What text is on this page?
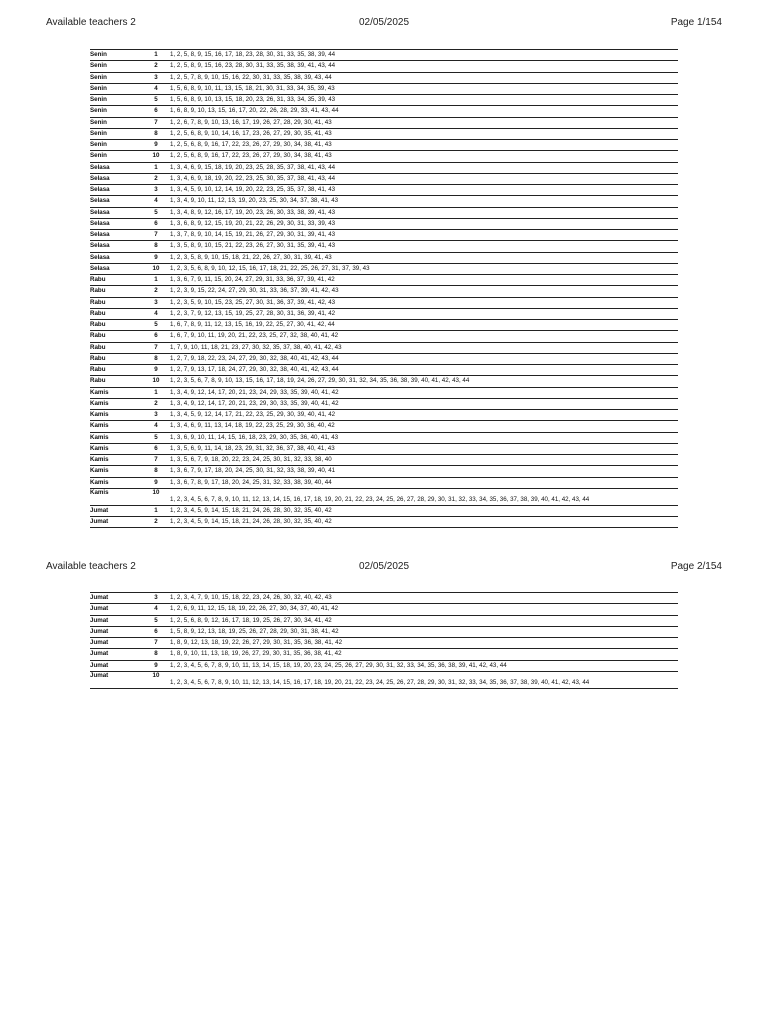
Available teachers 2	02/05/2025	Page 1/154
Senin	1	1, 2, 5, 8, 9, 15, 16, 17, 18, 23, 28, 30, 31, 33, 35, 38, 39, 44
Senin	2	1, 2, 5, 8, 9, 15, 16, 23, 28, 30, 31, 33, 35, 38, 39, 41, 43, 44
Senin	3	1, 2, 5, 7, 8, 9, 10, 15, 16, 22, 30, 31, 33, 35, 38, 39, 43, 44
Senin	4	1, 5, 6, 8, 9, 10, 11, 13, 15, 18, 21, 30, 31, 33, 34, 35, 39, 43
Senin	5	1, 5, 6, 8, 9, 10, 13, 15, 18, 20, 23, 26, 31, 33, 34, 35, 39, 43
Senin	6	1, 6, 8, 9, 10, 13, 15, 16, 17, 20, 22, 26, 28, 29, 33, 41, 43, 44
Senin	7	1, 2, 6, 7, 8, 9, 10, 13, 16, 17, 19, 26, 27, 28, 29, 30, 41, 43
Senin	8	1, 2, 5, 6, 8, 9, 10, 14, 16, 17, 23, 26, 27, 29, 30, 35, 41, 43
Senin	9	1, 2, 5, 6, 8, 9, 16, 17, 22, 23, 26, 27, 29, 30, 34, 38, 41, 43
Senin	10	1, 2, 5, 6, 8, 9, 16, 17, 22, 23, 26, 27, 29, 30, 34, 38, 41, 43
Selasa	1	1, 3, 4, 6, 9, 15, 18, 19, 20, 23, 25, 28, 35, 37, 38, 41, 43, 44
Selasa	2	1, 3, 4, 6, 9, 18, 19, 20, 22, 23, 25, 30, 35, 37, 38, 41, 43, 44
Selasa	3	1, 3, 4, 5, 9, 10, 12, 14, 19, 20, 22, 23, 25, 35, 37, 38, 41, 43
Selasa	4	1, 3, 4, 9, 10, 11, 12, 13, 19, 20, 23, 25, 30, 34, 37, 38, 41, 43
Selasa	5	1, 3, 4, 8, 9, 12, 16, 17, 19, 20, 23, 26, 30, 33, 38, 39, 41, 43
Selasa	6	1, 3, 6, 8, 9, 12, 15, 19, 20, 21, 22, 26, 29, 30, 31, 33, 39, 43
Selasa	7	1, 3, 7, 8, 9, 10, 14, 15, 19, 21, 26, 27, 29, 30, 31, 39, 41, 43
Selasa	8	1, 3, 5, 8, 9, 10, 15, 21, 22, 23, 26, 27, 30, 31, 35, 39, 41, 43
Selasa	9	1, 2, 3, 5, 8, 9, 10, 15, 18, 21, 22, 26, 27, 30, 31, 39, 41, 43
Selasa	10	1, 2, 3, 5, 6, 8, 9, 10, 12, 15, 16, 17, 18, 21, 22, 25, 26, 27, 31, 37, 39, 43
Rabu	1	1, 3, 6, 7, 9, 11, 15, 20, 24, 27, 29, 31, 33, 36, 37, 39, 41, 42
Rabu	2	1, 2, 3, 9, 15, 22, 24, 27, 29, 30, 31, 33, 36, 37, 39, 41, 42, 43
Rabu	3	1, 2, 3, 5, 9, 10, 15, 23, 25, 27, 30, 31, 36, 37, 39, 41, 42, 43
Rabu	4	1, 2, 3, 7, 9, 12, 13, 15, 19, 25, 27, 28, 30, 31, 36, 39, 41, 42
Rabu	5	1, 6, 7, 8, 9, 11, 12, 13, 15, 16, 19, 22, 25, 27, 30, 41, 42, 44
Rabu	6	1, 6, 7, 9, 10, 11, 19, 20, 21, 22, 23, 25, 27, 32, 38, 40, 41, 42
Rabu	7	1, 7, 9, 10, 11, 18, 21, 23, 27, 30, 32, 35, 37, 38, 40, 41, 42, 43
Rabu	8	1, 2, 7, 9, 18, 22, 23, 24, 27, 29, 30, 32, 38, 40, 41, 42, 43, 44
Rabu	9	1, 2, 7, 9, 13, 17, 18, 24, 27, 29, 30, 32, 38, 40, 41, 42, 43, 44
Rabu	10	1, 2, 3, 5, 6, 7, 8, 9, 10, 13, 15, 16, 17, 18, 19, 24, 26, 27, 29, 30, 31, 32, 34, 35, 36, 38, 39, 40, 41, 42, 43, 44
Kamis	1	1, 3, 4, 9, 12, 14, 17, 20, 21, 23, 24, 29, 33, 35, 39, 40, 41, 42
Kamis	2	1, 3, 4, 9, 12, 14, 17, 20, 21, 23, 29, 30, 33, 35, 39, 40, 41, 42
Kamis	3	1, 3, 4, 5, 9, 12, 14, 17, 21, 22, 23, 25, 29, 30, 39, 40, 41, 42
Kamis	4	1, 3, 4, 6, 9, 11, 13, 14, 18, 19, 22, 23, 25, 29, 30, 36, 40, 42
Kamis	5	1, 3, 6, 9, 10, 11, 14, 15, 16, 18, 23, 29, 30, 35, 36, 40, 41, 43
Kamis	6	1, 3, 5, 6, 9, 11, 14, 18, 23, 29, 31, 32, 36, 37, 38, 40, 41, 43
Kamis	7	1, 3, 5, 6, 7, 9, 18, 20, 22, 23, 24, 25, 30, 31, 32, 33, 38, 40
Kamis	8	1, 3, 6, 7, 9, 17, 18, 20, 24, 25, 30, 31, 32, 33, 38, 39, 40, 41
Kamis	9	1, 3, 6, 7, 8, 9, 17, 18, 20, 24, 25, 31, 32, 33, 38, 39, 40, 44
Kamis	10
1, 2, 3, 4, 5, 6, 7, 8, 9, 10, 11, 12, 13, 14, 15, 16, 17, 18, 19, 20, 21, 22, 23, 24, 25, 26, 27, 28, 29, 30, 31, 32, 33, 34, 35, 36, 37, 38, 39, 40, 41, 42, 43, 44
Jumat	1	1, 2, 3, 4, 5, 9, 14, 15, 18, 21, 24, 26, 28, 30, 32, 35, 40, 42
Jumat	2	1, 2, 3, 4, 5, 9, 14, 15, 18, 21, 24, 26, 28, 30, 32, 35, 40, 42
Available teachers 2	02/05/2025	Page 2/154
Jumat	3	1, 2, 3, 4, 7, 9, 10, 15, 18, 22, 23, 24, 26, 30, 32, 40, 42, 43
Jumat	4	1, 2, 6, 9, 11, 12, 15, 18, 19, 22, 26, 27, 30, 34, 37, 40, 41, 42
Jumat	5	1, 2, 5, 6, 8, 9, 12, 16, 17, 18, 19, 25, 26, 27, 30, 34, 41, 42
Jumat	6	1, 5, 8, 9, 12, 13, 18, 19, 25, 26, 27, 28, 29, 30, 31, 38, 41, 42
Jumat	7	1, 8, 9, 12, 13, 18, 19, 22, 26, 27, 29, 30, 31, 35, 36, 38, 41, 42
Jumat	8	1, 8, 9, 10, 11, 13, 18, 19, 26, 27, 29, 30, 31, 35, 36, 38, 41, 42
Jumat	9	1, 2, 3, 4, 5, 6, 7, 8, 9, 10, 11, 13, 14, 15, 18, 19, 20, 23, 24, 25, 26, 27, 29, 30, 31, 32, 33, 34, 35, 36, 38, 39, 41, 42, 43, 44
Jumat	10
1, 2, 3, 4, 5, 6, 7, 8, 9, 10, 11, 12, 13, 14, 15, 16, 17, 18, 19, 20, 21, 22, 23, 24, 25, 26, 27, 28, 29, 30, 31, 32, 33, 34, 35, 36, 37, 38, 39, 40, 41, 42, 43, 44
